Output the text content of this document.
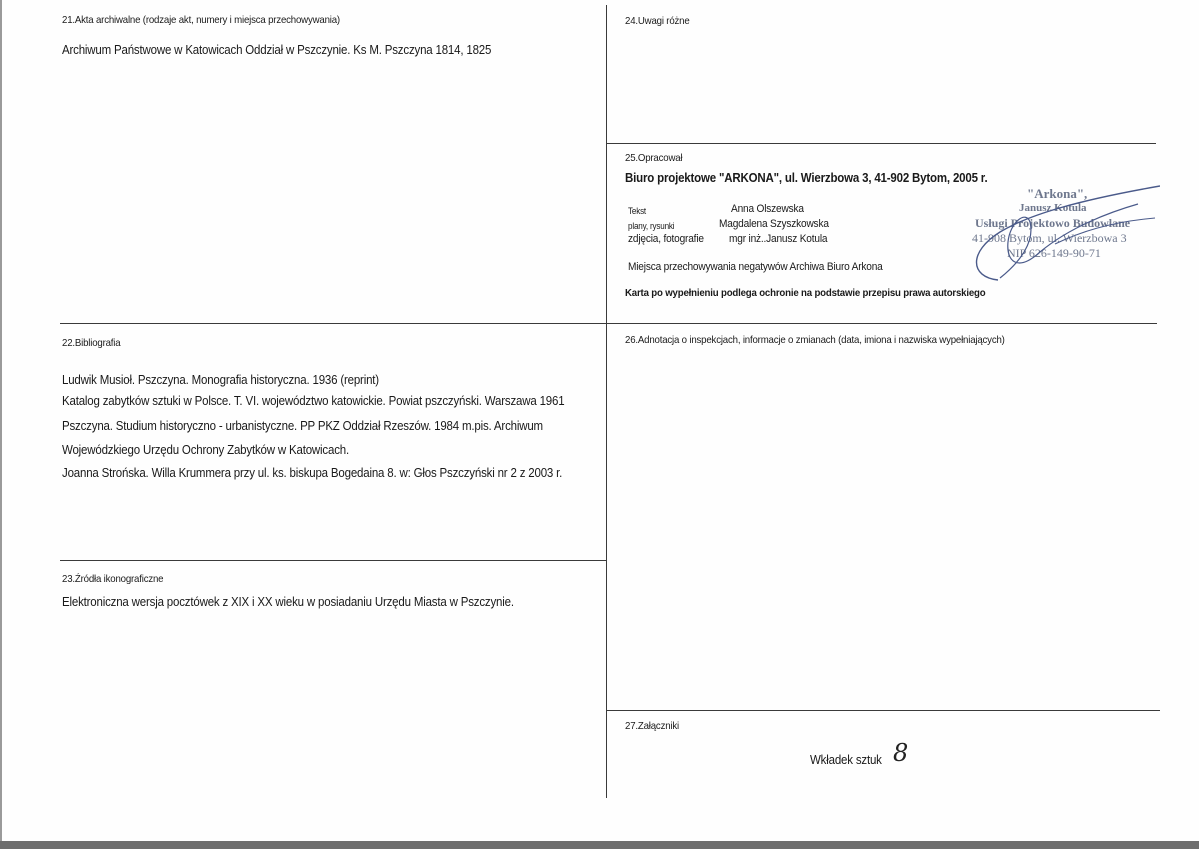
21.Akta archiwalne (rodzaje akt, numery i miejsca przechowywania)
Archiwum Państwowe w Katowicach Oddział w Pszczynie. Ks M. Pszczyna 1814, 1825
22.Bibliografia
Ludwik Musioł. Pszczyna. Monografia historyczna. 1936 (reprint)
Katalog zabytków sztuki w Polsce. T. VI. województwo katowickie. Powiat pszczyński. Warszawa 1961
Pszczyna. Studium historyczno - urbanistyczne. PP PKZ Oddział Rzeszów. 1984 m.pis. Archiwum
Wojewódzkiego Urzędu Ochrony Zabytków w Katowicach.
Joanna Strońska. Willa Krummera przy ul. ks. biskupa Bogedaina 8. w: Głos Pszczyński nr 2 z 2003 r.
23.Źródła ikonograficzne
Elektroniczna wersja pocztówek z XIX i XX wieku w posiadaniu Urzędu Miasta w Pszczynie.
24.Uwagi różne
25.Opracował
Biuro projektowe "ARKONA", ul. Wierzbowa 3, 41-902 Bytom, 2005 r.
Tekst	Anna Olszewska
plany, rysunki	Magdalena Szyszkowska
zdjęcia, fotografie mgr inż..Janusz Kotula
Miejsca przechowywania negatywów Archiwa Biuro Arkona
Karta po wypełnieniu podlega ochronie na podstawie przepisu prawa autorskiego
"Arkona",
Janusz Kotula
Usługi Projektowo Budowlane
41-908 Bytom, ul. Wierzbowa 3
NIP 626-149-90-71
26.Adnotacja o inspekcjach, informacje o zmianach (data, imiona i nazwiska wypełniających)
27.Załączniki
Wkładek sztuk 8
